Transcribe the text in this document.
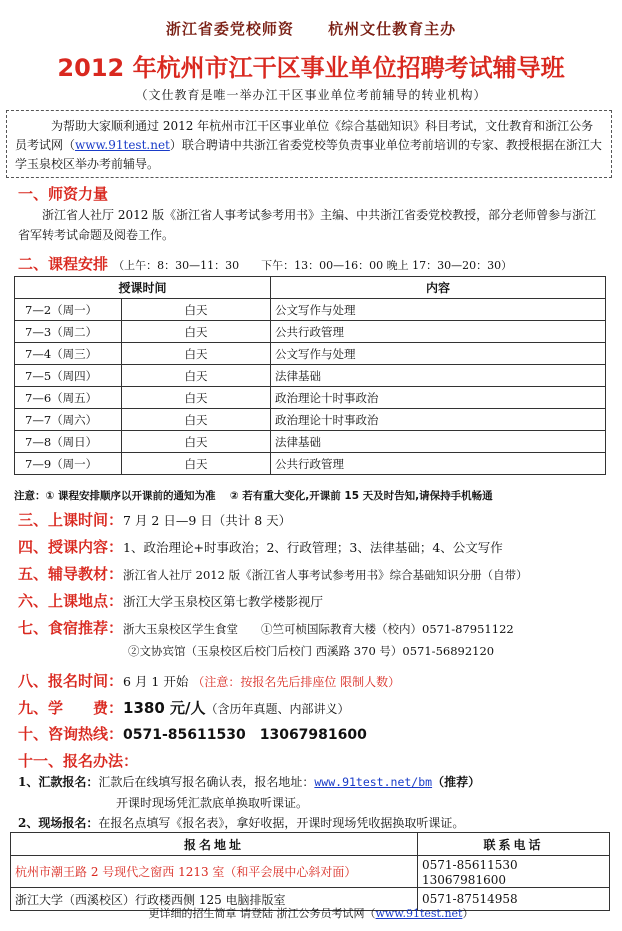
浙江省委党校师资 杭州文仕教育主办
2012 年杭州市江干区事业单位招聘考试辅导班
（文仕教育是唯一举办江干区事业单位考前辅导的转业机构）
为帮助大家顺利通过 2012 年杭州市江干区事业单位《综合基础知识》科目考试，文仕教育和浙江公务员考试网（www.91test.net）联合聘请中共浙江省委党校等负责事业单位考前培训的专家、教授根据在浙江大学玉泉校区举办考前辅导。
一、师资力量
浙江省人社厅 2012 版《浙江省人事考试参考用书》主编、中共浙江省委党校教授，部分老师曾参与浙江省军转考试命题及阅卷工作。
二、课程安排 （上午：8：30—11：30　　下午：13：00—16：00 晚上 17：30—20：30）
授课时间		内容
7—2（周一）	白天	公文写作与处理
7—3（周二）	白天	公共行政管理
7—4（周三）	白天	公文写作与处理
7—5（周四）	白天	法律基础
7—6（周五）	白天	政治理论十时事政治
7—7（周六）	白天	政治理论十时事政治
7—8（周日）	白天	法律基础
7—9（周一）	白天	公共行政管理
注意：① 课程安排顺序以开课前的通知为准　 ② 若有重大变化,开课前 15 天及时告知,请保持手机畅通
三、上课时间：7 月 2 日—9 日（共计 8 天）
四、授课内容：1、政治理论+时事政治；2、行政管理；3、法律基础；4、公文写作
五、辅导教材：浙江省人社厅 2012 版《浙江省人事考试参考用书》综合基础知识分册（自带）
六、上课地点：浙江大学玉泉校区第七教学楼影视厅
七、食宿推荐：浙大玉泉校区学生食堂　　①竺可桢国际教育大楼（校内）0571-87951122
②文协宾馆（玉泉校区后校门后校门 西溪路 370 号）0571-56892120
八、报名时间：6 月 1 开始 （注意：按报名先后排座位 限制人数）
九、学　　费：1380 元/人（含历年真题、内部讲义）
十、咨询热线：0571-85611530　13067981600
十一、报名办法：
1、汇款报名：汇款后在线填写报名确认表，报名地址：www.91test.net/bm（推荐）
开课时现场凭汇款底单换取听课证。
2、现场报名：在报名点填写《报名表》，拿好收据，开课时现场凭收据换取听课证。
报名地址	联系电话
杭州市潮王路 2 号现代之窗西 1213 室（和平会展中心斜对面）	0571-85611530　13067981600
浙江大学（西溪校区）行政楼西侧 125 电脑排版室	0571-87514958
更详细的招生简章 请登陆 浙江公务员考试网（www.91test.net）
